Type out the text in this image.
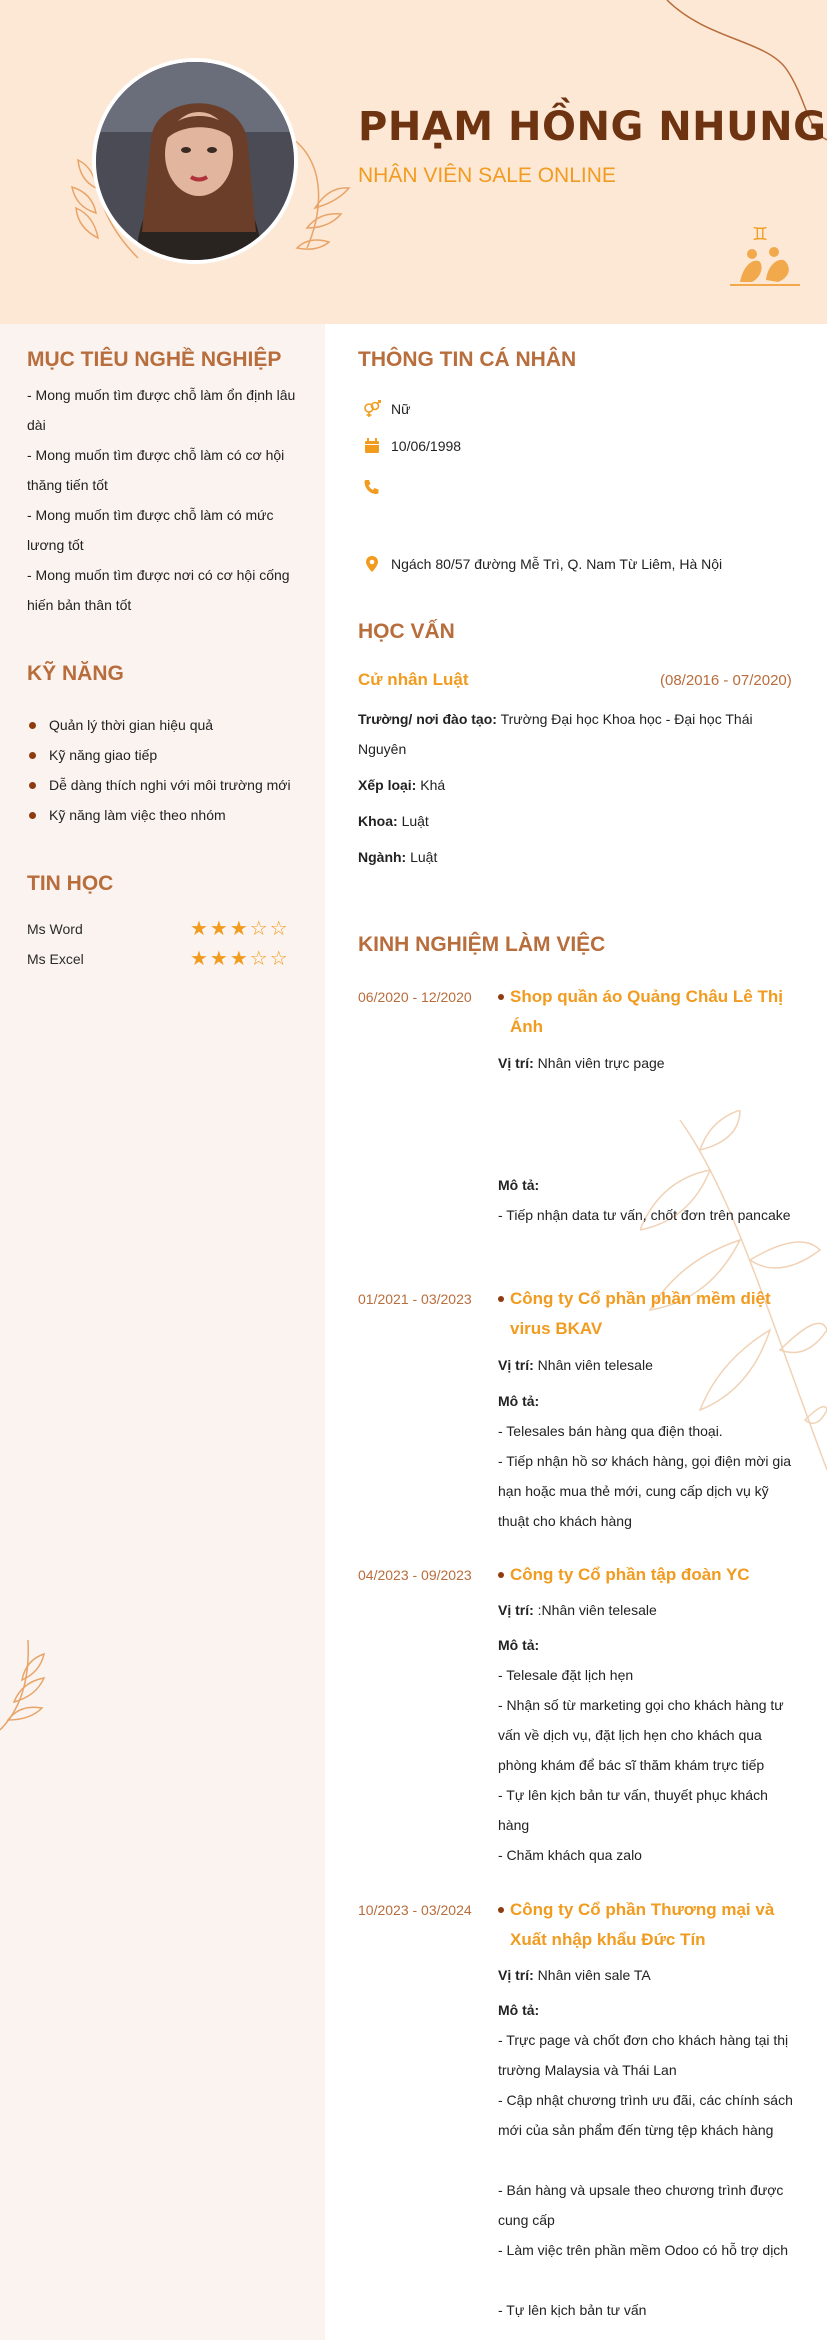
PHẠM HỒNG NHUNG
NHÂN VIÊN SALE ONLINE
♊
MỤC TIÊU NGHỀ NGHIỆP
- Mong muốn tìm được chỗ làm ổn định lâu dài
- Mong muốn tìm được chỗ làm có cơ hội thăng tiến tốt
- Mong muốn tìm được chỗ làm có mức lương tốt
- Mong muốn tìm được nơi có cơ hội cống hiến bản thân tốt
KỸ NĂNG
Quản lý thời gian hiệu quả
Kỹ năng giao tiếp
Dễ dàng thích nghi với môi trường mới
Kỹ năng làm việc theo nhóm
TIN HỌC
Ms Word	★★★☆☆
Ms Excel	★★★☆☆
THÔNG TIN CÁ NHÂN
Nữ
10/06/1998
Ngách 80/57 đường Mễ Trì, Q. Nam Từ Liêm, Hà Nội
HỌC VẤN
Cử nhân Luật	(08/2016 - 07/2020)
Trường/ nơi đào tạo: Trường Đại học Khoa học - Đại học Thái Nguyên
Xếp loại: Khá
Khoa: Luật
Ngành: Luật
KINH NGHIỆM LÀM VIỆC
06/2020 - 12/2020	Shop quần áo Quảng Châu Lê Thị Ánh
Vị trí: Nhân viên trực page
Mô tả:
- Tiếp nhận data tư vấn, chốt đơn trên pancake
01/2021 - 03/2023	Công ty Cổ phần phần mềm diệt virus BKAV
Vị trí: Nhân viên telesale
Mô tả:
- Telesales bán hàng qua điện thoại.
- Tiếp nhận hồ sơ khách hàng, gọi điện mời gia hạn hoặc mua thẻ mới, cung cấp dịch vụ kỹ thuật cho khách hàng
04/2023 - 09/2023	Công ty Cổ phần tập đoàn YC
Vị trí: :Nhân viên telesale
Mô tả:
- Telesale đặt lịch hẹn
- Nhận số từ marketing gọi cho khách hàng tư vấn về dịch vụ, đặt lịch hẹn cho khách qua phòng khám để bác sĩ thăm khám trực tiếp
- Tự lên kịch bản tư vấn, thuyết phục khách hàng
- Chăm khách qua zalo
10/2023 - 03/2024	Công ty Cổ phần Thương mại và Xuất nhập khẩu Đức Tín
Vị trí: Nhân viên sale TA
Mô tả:
- Trực page và chốt đơn cho khách hàng tại thị trường Malaysia và Thái Lan
- Cập nhật chương trình ưu đãi, các chính sách mới của sản phẩm đến từng tệp khách hàng
- Bán hàng và upsale theo chương trình được cung cấp
- Làm việc trên phần mềm Odoo có hỗ trợ dịch
- Tự lên kịch bản tư vấn
